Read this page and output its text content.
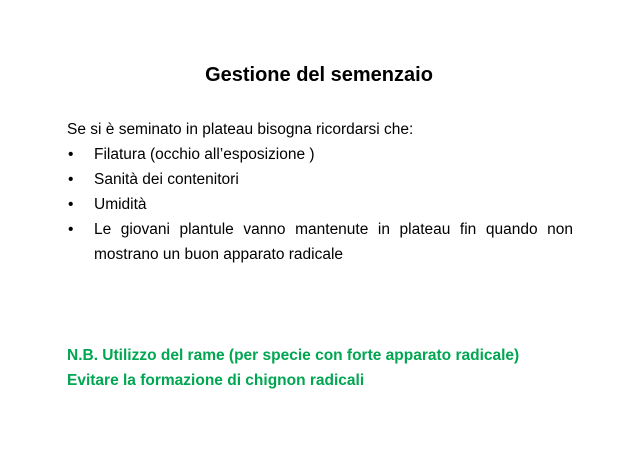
Gestione del semenzaio

Se si è seminato in plateau bisogna ricordarsi che:

• Filatura (occhio all’esposizione )
• Sanità dei contenitori
• Umidità
• Le giovani plantule vanno mantenute in plateau fin quando non mostrano un buon apparato radicale

N.B. Utilizzo del rame (per specie con forte apparato radicale)

Evitare la formazione di chignon radicali
